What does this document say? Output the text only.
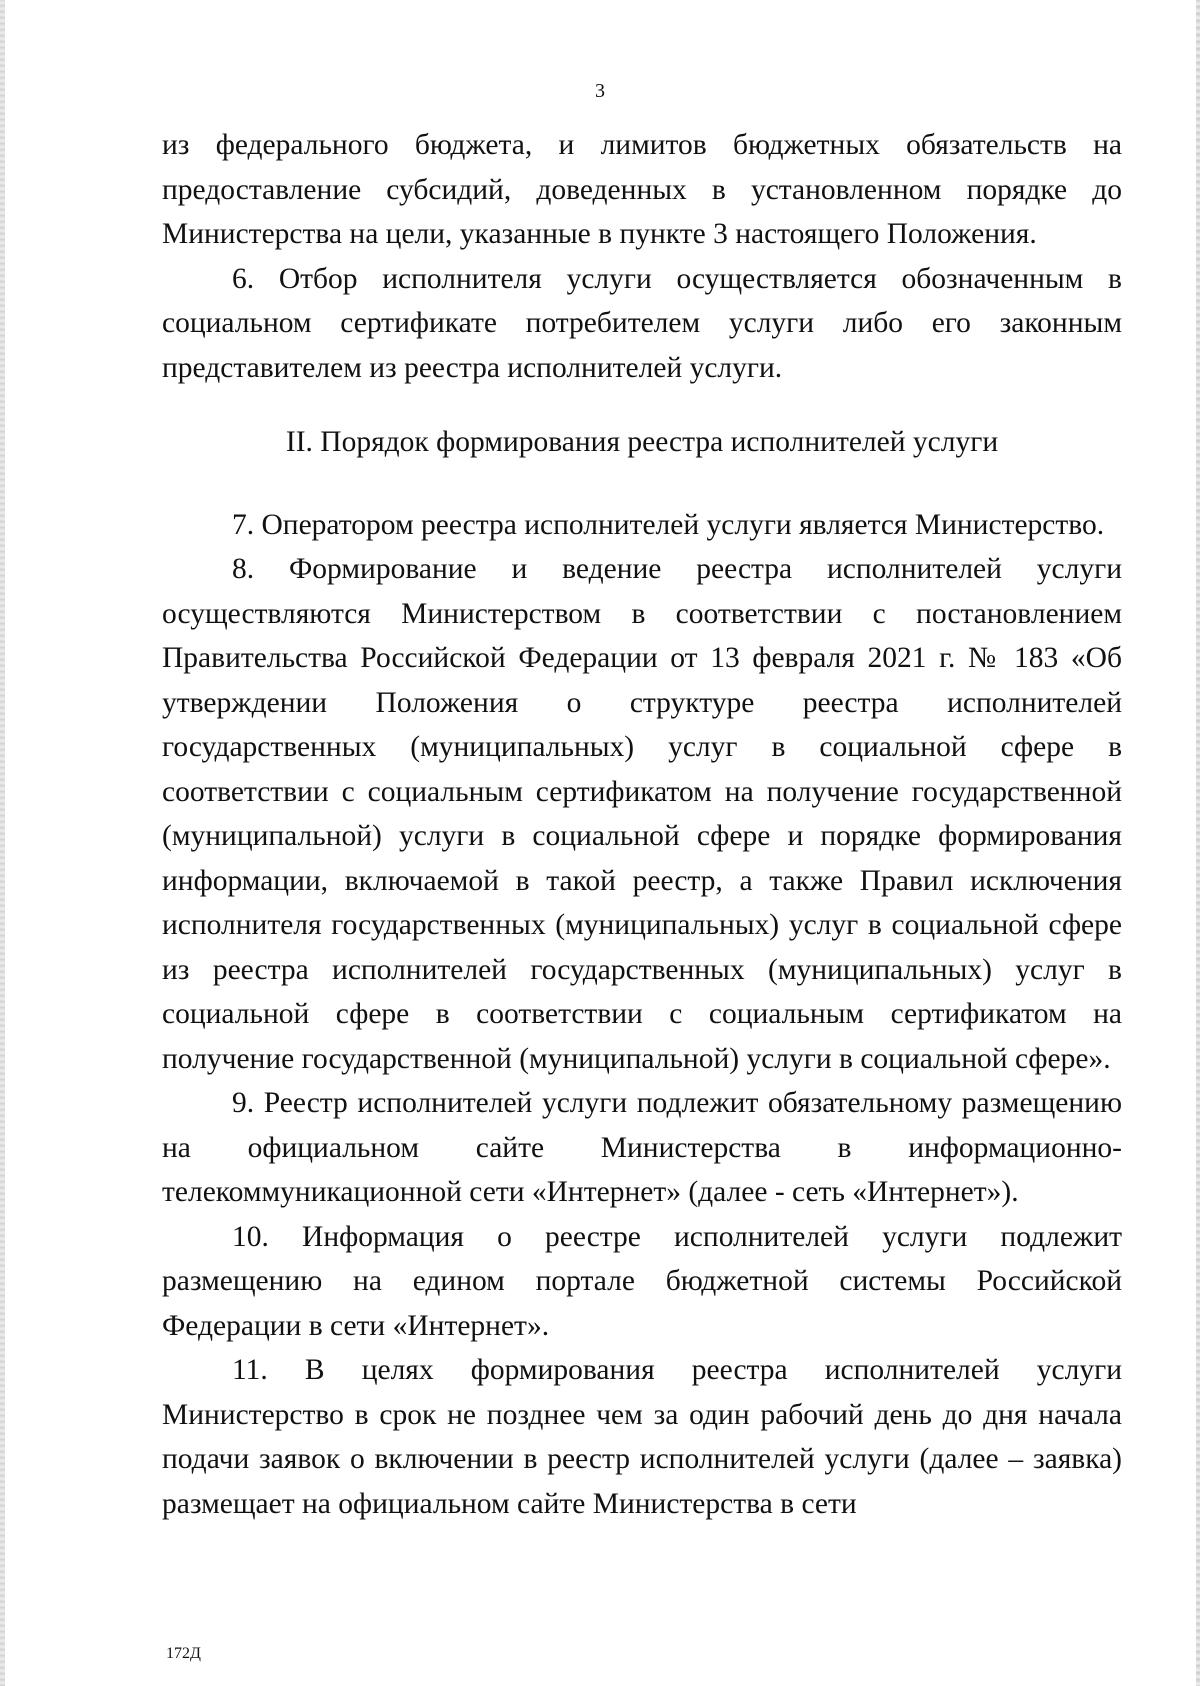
3

из федерального бюджета, и лимитов бюджетных обязательств на предоставление субсидий, доведенных в установленном порядке до Министерства на цели, указанные в пункте 3 настоящего Положения.

6. Отбор исполнителя услуги осуществляется обозначенным в социальном сертификате потребителем услуги либо его законным представителем из реестра исполнителей услуги.

II. Порядок формирования реестра исполнителей услуги

7. Оператором реестра исполнителей услуги является Министерство.

8. Формирование и ведение реестра исполнителей услуги осуществляются Министерством в соответствии с постановлением Правительства Российской Федерации от 13 февраля 2021 г. № 183 «Об утверждении Положения о структуре реестра исполнителей государственных (муниципальных) услуг в социальной сфере в соответствии с социальным сертификатом на получение государственной (муниципальной) услуги в социальной сфере и порядке формирования информации, включаемой в такой реестр, а также Правил исключения исполнителя государственных (муниципальных) услуг в социальной сфере из реестра исполнителей государственных (муниципальных) услуг в социальной сфере в соответствии с социальным сертификатом на получение государственной (муниципальной) услуги в социальной сфере».

9. Реестр исполнителей услуги подлежит обязательному размещению на официальном сайте Министерства в информационно-телекоммуникационной сети «Интернет» (далее - сеть «Интернет»).

10. Информация о реестре исполнителей услуги подлежит размещению на едином портале бюджетной системы Российской Федерации в сети «Интернет».

11. В целях формирования реестра исполнителей услуги Министерство в срок не позднее чем за один рабочий день до дня начала подачи заявок о включении в реестр исполнителей услуги (далее – заявка) размещает на официальном сайте Министерства в сети

172Д
